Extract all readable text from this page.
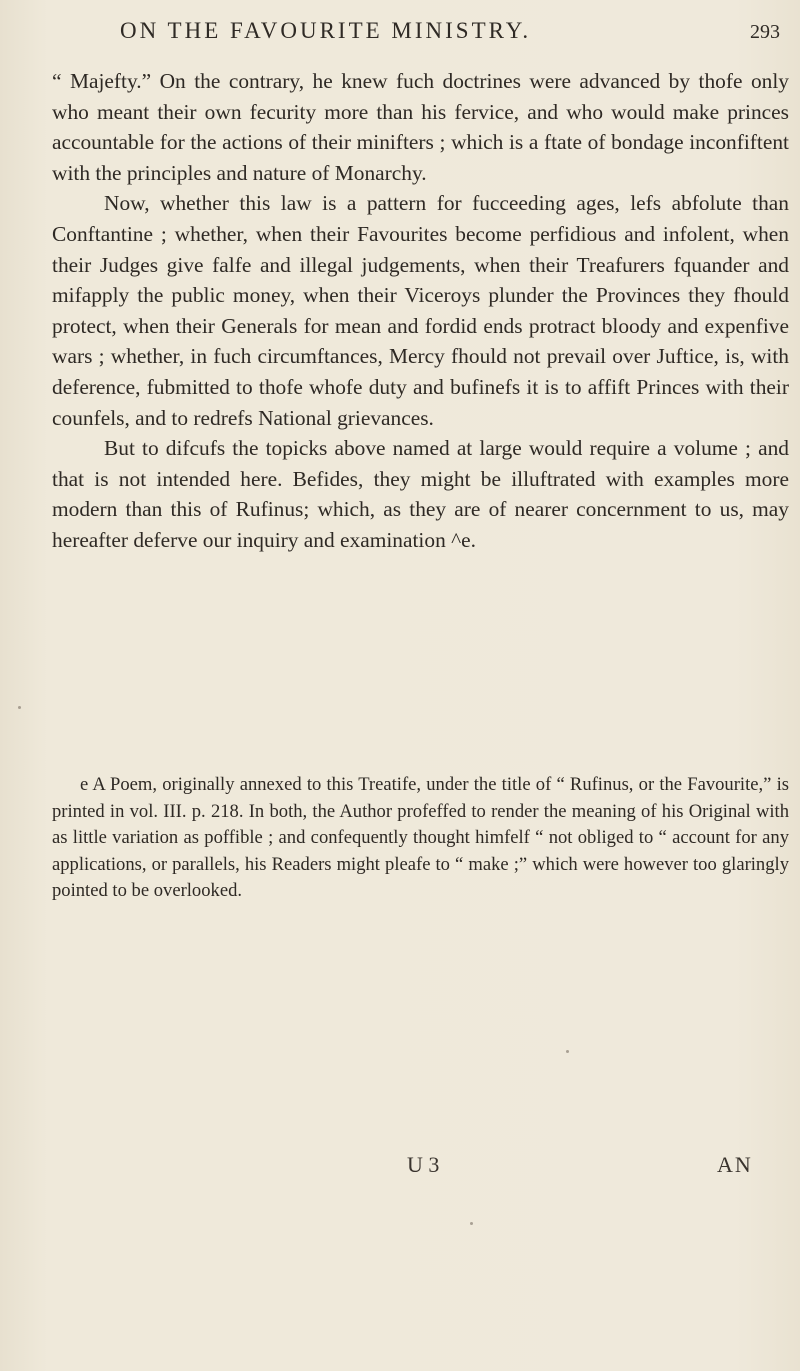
ON THE FAVOURITE MINISTRY.	293

“ Majefty.” On the contrary, he knew fuch doctrines were advanced by thofe only who meant their own fecurity more than his fervice, and who would make princes accountable for the actions of their minifters ; which is a ftate of bondage inconfiftent with the principles and nature of Monarchy.

Now, whether this law is a pattern for fucceeding ages, lefs abfolute than Conftantine ; whether, when their Favourites become perfidious and infolent, when their Judges give falfe and illegal judgements, when their Treafurers fquander and mifapply the public money, when their Viceroys plunder the Provinces they fhould protect, when their Generals for mean and fordid ends protract bloody and expenfive wars ; whether, in fuch circumftances, Mercy fhould not prevail over Juftice, is, with deference, fubmitted to thofe whofe duty and bufinefs it is to affift Princes with their counfels, and to redrefs National grievances.

But to difcufs the topicks above named at large would require a volume ; and that is not intended here. Befides, they might be illuftrated with examples more modern than this of Rufinus; which, as they are of nearer concernment to us, may hereafter deferve our inquiry and examination ^e.

e A Poem, originally annexed to this Treatife, under the title of “ Rufinus, or the Favourite,” is printed in vol. III. p. 218. In both, the Author profeffed to render the meaning of his Original with as little variation as poffible ; and confequently thought himfelf “ not obliged to “ account for any applications, or parallels, his Readers might pleafe to “ make ;” which were however too glaringly pointed to be overlooked.

U 3	AN
